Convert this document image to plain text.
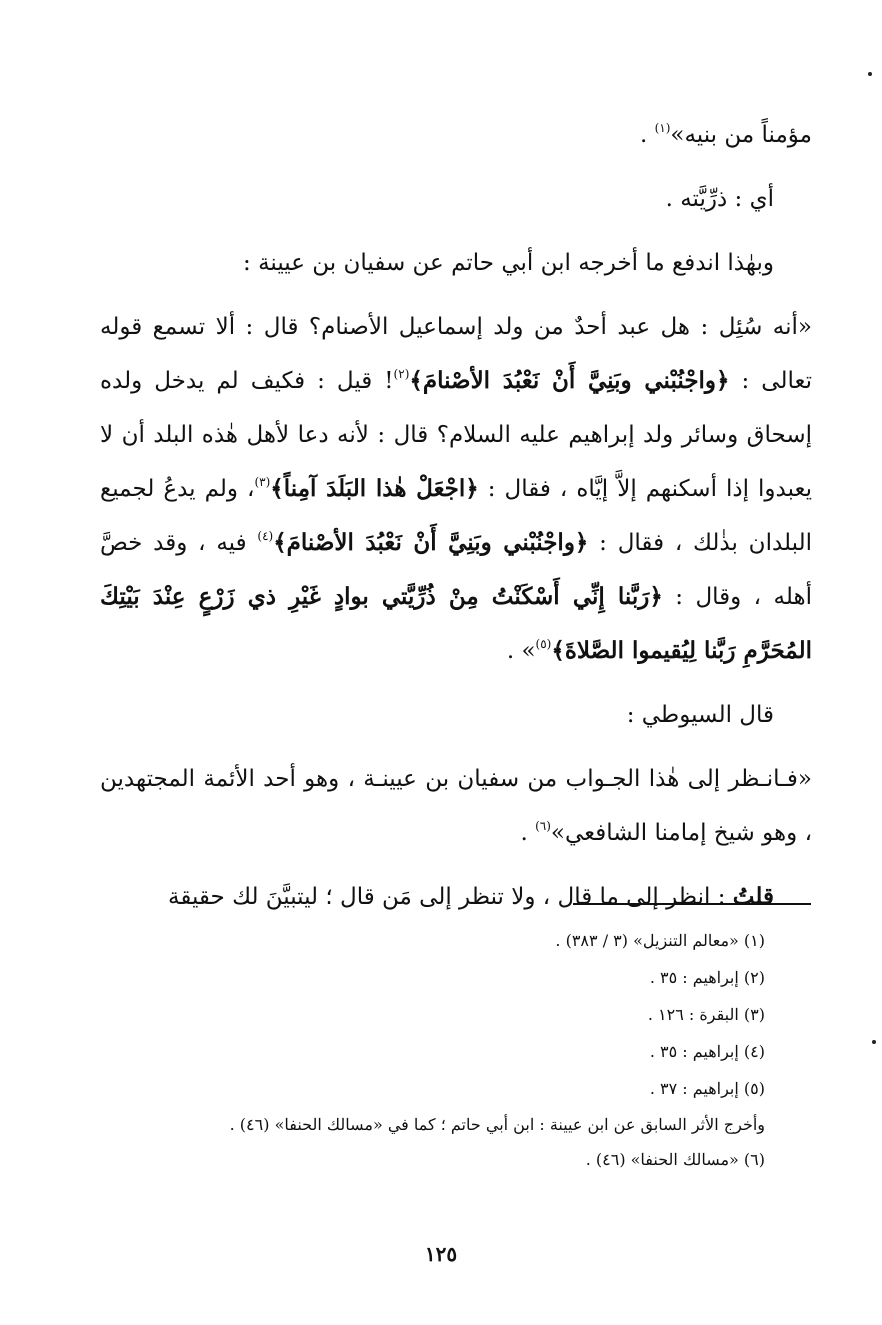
مؤمناً من بنيه»$^{(١)}$ .

أي : ذرِّيَّته .

وبهٰذا اندفع ما أخرجه ابن أبي حاتم عن سفيان بن عيينة :

«أنه سُئِل : هل عبد أحدٌ من ولد إسماعيل الأصنام؟ قال : ألا تسمع قوله تعالى : ﴿واجْنُبْني وبَنِيَّ أَنْ نَعْبُدَ الأصْنامَ﴾$^{(٢)}$! قيل : فكيف لم يدخل ولده إسحاق وسائر ولد إبراهيم عليه السلام؟ قال : لأنه دعا لأهل هٰذه البلد أن لا يعبدوا إذا أسكنهم إلاَّ إيَّاه ، فقال : ﴿اجْعَلْ هٰذا البَلَدَ آمِناً﴾$^{(٣)}$، ولم يدعُ لجميع البلدان بذٰلك ، فقال : ﴿واجْنُبْني وبَنِيَّ أَنْ نَعْبُدَ الأصْنامَ﴾$^{(٤)}$ فيه ، وقد خصَّ أهله ، وقال : ﴿رَبَّنا إِنِّي أَسْكَنْتُ مِنْ ذُرِّيَّتي بوادٍ غَيْرِ ذي زَرْعٍ عِنْدَ بَيْتِكَ المُحَرَّمِ رَبَّنا لِيُقيموا الصَّلاةَ﴾$^{(٥)}$» .

قال السيوطي :

«فـانـظر إلى هٰذا الجـواب من سفيان بن عيينـة ، وهو أحد الأئمة المجتهدين ، وهو شيخ إمامنا الشافعي»$^{(٦)}$ .

قلتُ : انظر إلى ما قال ، ولا تنظر إلى مَن قال ؛ ليتبيَّنَ لك حقيقة

(١) «معالم التنزيل» (٣ / ٣٨٣) .
(٢) إبراهيم : ٣٥ .
(٣) البقرة : ١٢٦ .
(٤) إبراهيم : ٣٥ .
(٥) إبراهيم : ٣٧ .
وأخرج الأثر السابق عن ابن عيينة : ابن أبي حاتم ؛ كما في «مسالك الحنفا» (٤٦) .
(٦) «مسالك الحنفا» (٤٦) .
١٢٥
